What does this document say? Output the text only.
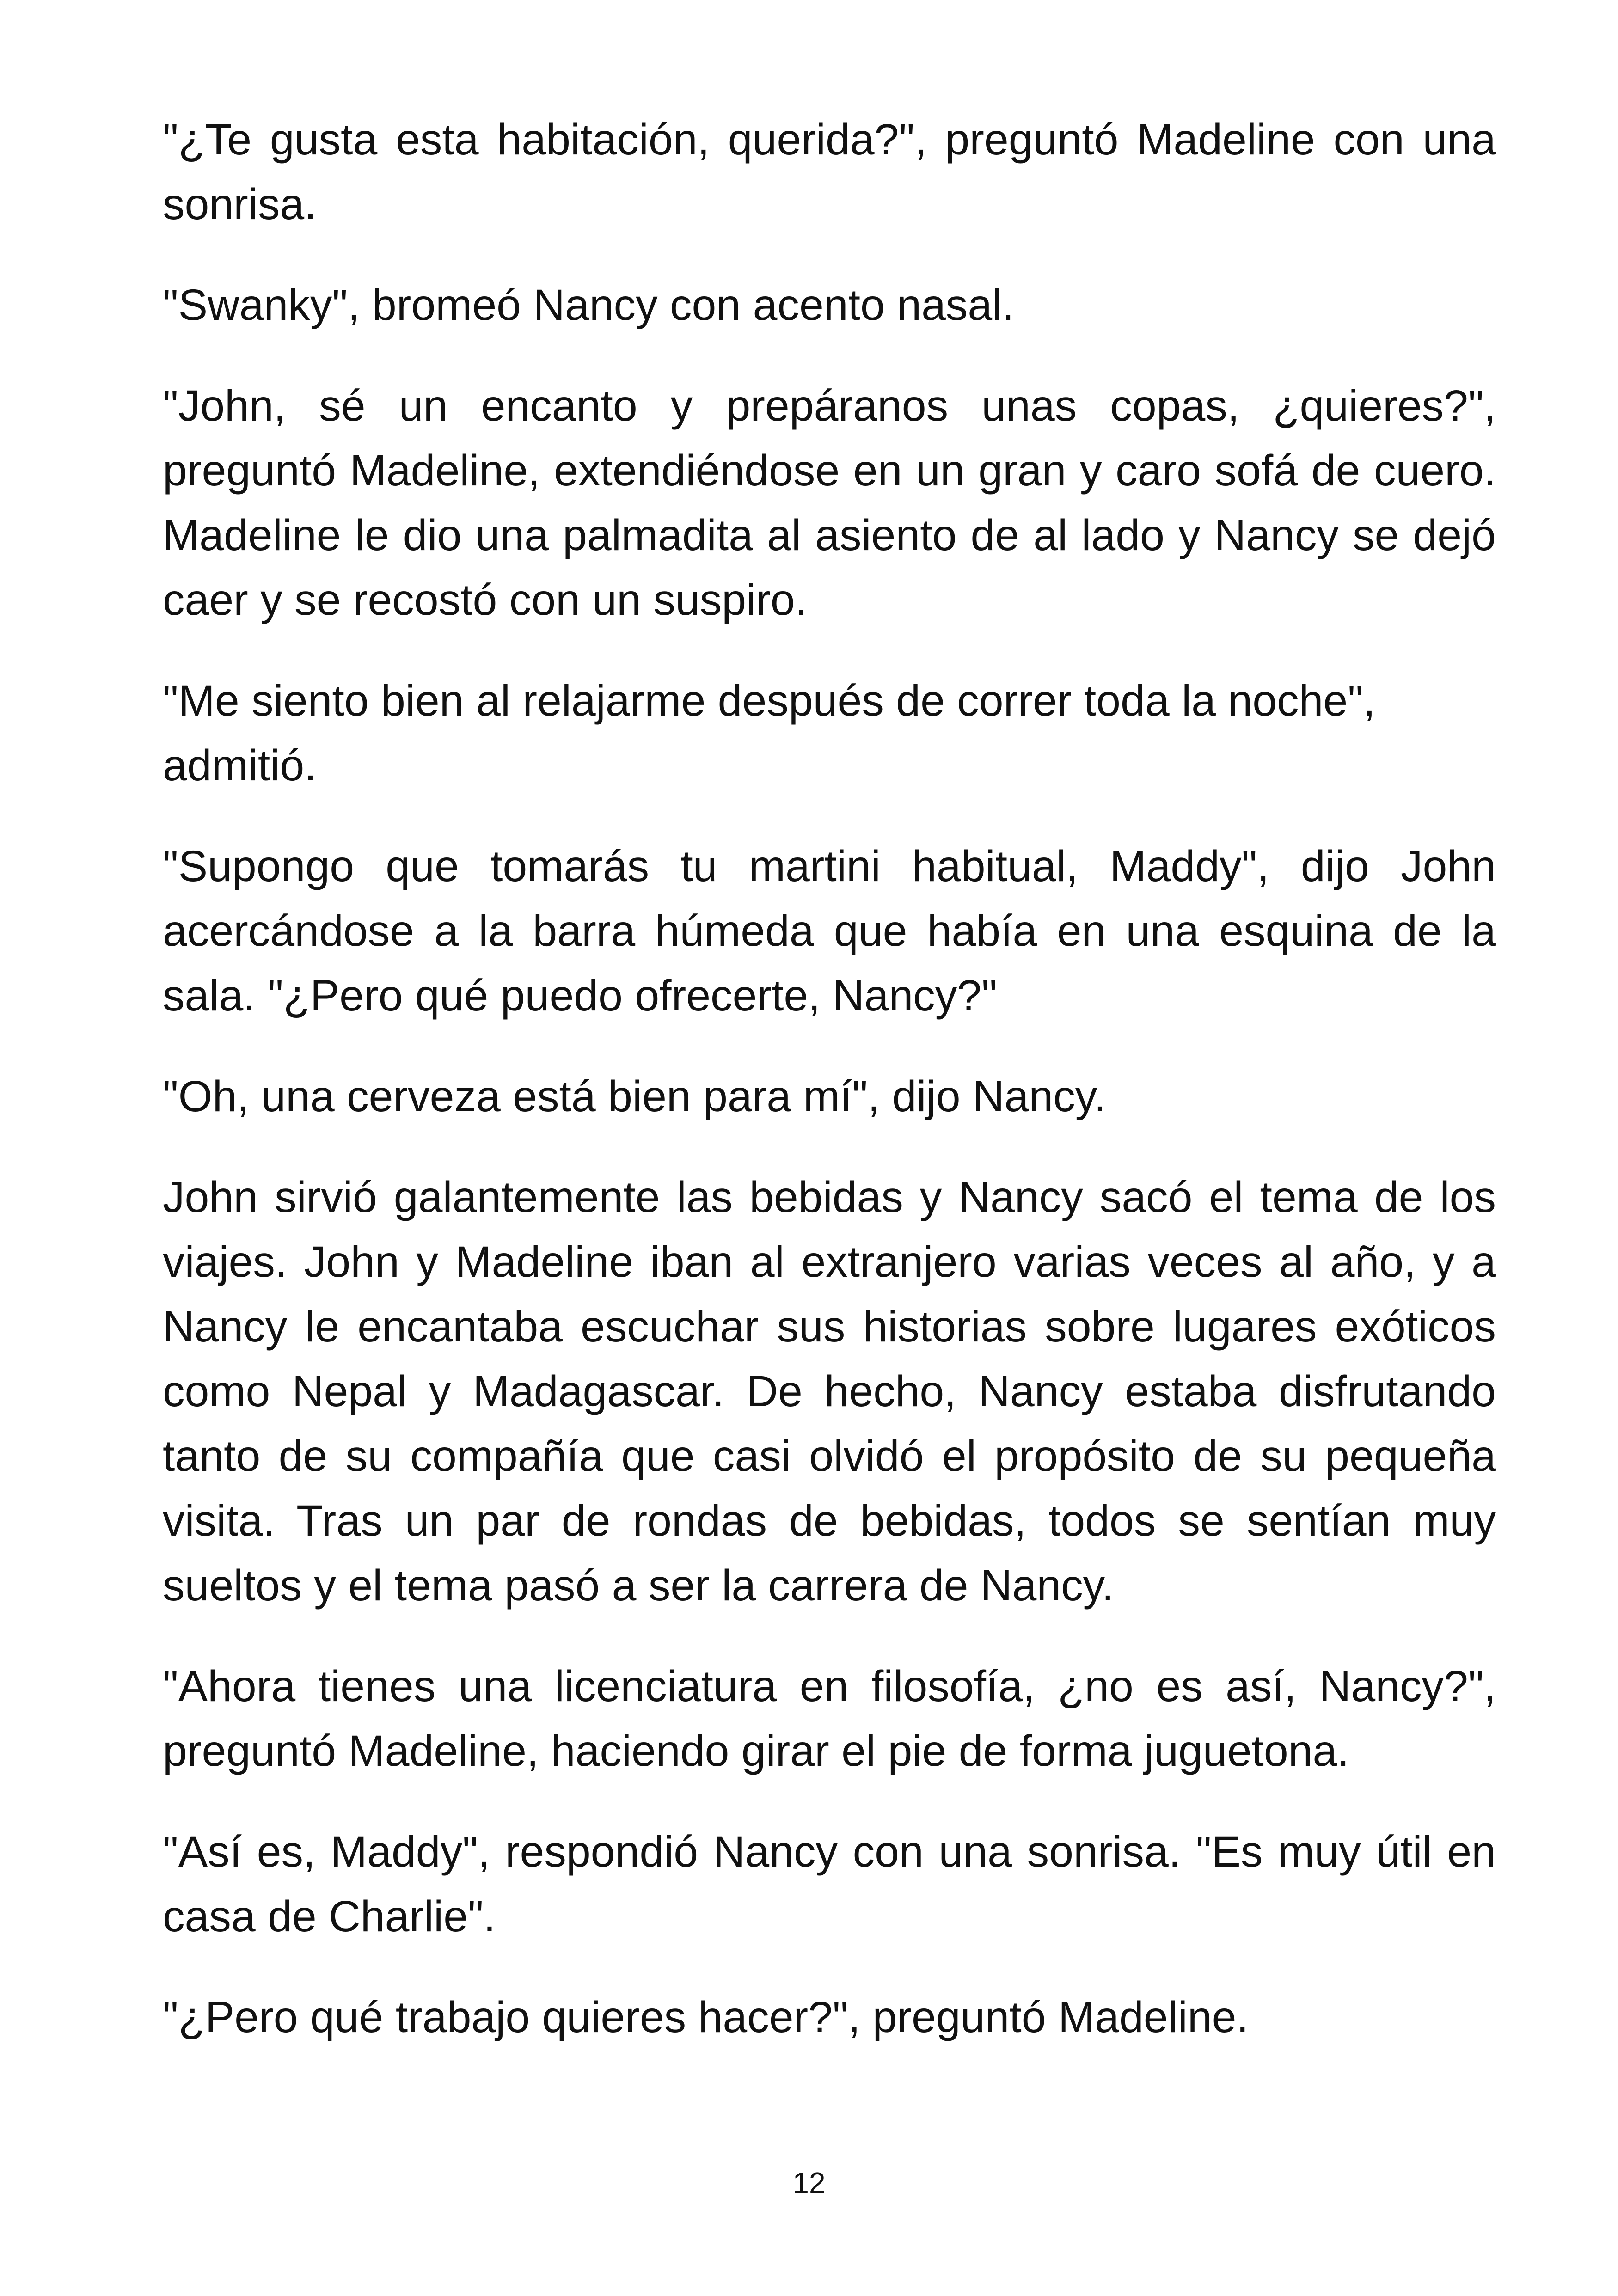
"¿Te gusta esta habitación, querida?", preguntó Madeline con una sonrisa.

"Swanky", bromeó Nancy con acento nasal.

"John, sé un encanto y prepáranos unas copas, ¿quieres?", preguntó Madeline, extendiéndose en un gran y caro sofá de cuero. Madeline le dio una palmadita al asiento de al lado y Nancy se dejó caer y se recostó con un suspiro.

"Me siento bien al relajarme después de correr toda la noche", admitió.

"Supongo que tomarás tu martini habitual, Maddy", dijo John acercándose a la barra húmeda que había en una esquina de la sala. "¿Pero qué puedo ofrecerte, Nancy?"

"Oh, una cerveza está bien para mí", dijo Nancy.

John sirvió galantemente las bebidas y Nancy sacó el tema de los viajes. John y Madeline iban al extranjero varias veces al año, y a Nancy le encantaba escuchar sus historias sobre lugares exóticos como Nepal y Madagascar. De hecho, Nancy estaba disfrutando tanto de su compañía que casi olvidó el propósito de su pequeña visita. Tras un par de rondas de bebidas, todos se sentían muy sueltos y el tema pasó a ser la carrera de Nancy.

"Ahora tienes una licenciatura en filosofía, ¿no es así, Nancy?", preguntó Madeline, haciendo girar el pie de forma juguetona.

"Así es, Maddy", respondió Nancy con una sonrisa. "Es muy útil en casa de Charlie".

"¿Pero qué trabajo quieres hacer?", preguntó Madeline.

12
